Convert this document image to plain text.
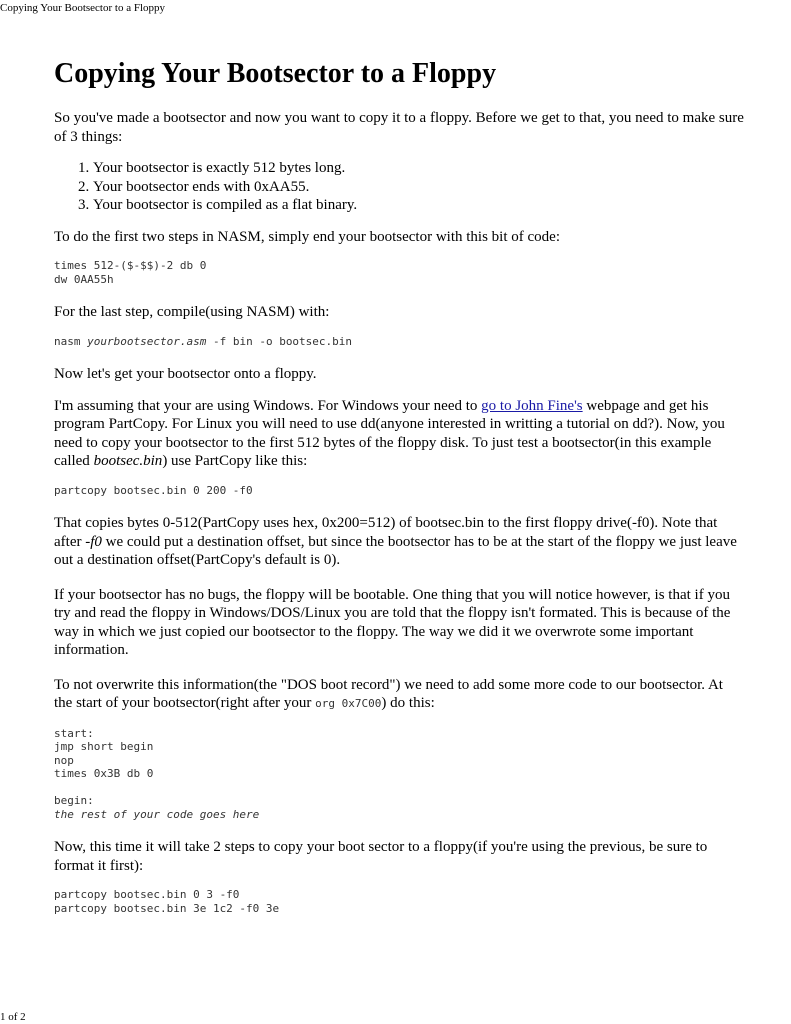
Copying Your Bootsector to a Floppy
Copying Your Bootsector to a Floppy

So you've made a bootsector and now you want to copy it to a floppy. Before we get to that, you need to make sure of 3 things:

1. Your bootsector is exactly 512 bytes long.
2. Your bootsector ends with 0xAA55.
3. Your bootsector is compiled as a flat binary.

To do the first two steps in NASM, simply end your bootsector with this bit of code:

times 512-($-$$)-2 db 0
dw 0AA55h

For the last step, compile(using NASM) with:

nasm yourbootsector.asm -f bin -o bootsec.bin

Now let's get your bootsector onto a floppy.

I'm assuming that your are using Windows. For Windows your need to go to John Fine's webpage and get his program PartCopy. For Linux you will need to use dd(anyone interested in writting a tutorial on dd?). Now, you need to copy your bootsector to the first 512 bytes of the floppy disk. To just test a bootsector(in this example called bootsec.bin) use PartCopy like this:

partcopy bootsec.bin 0 200 -f0

That copies bytes 0-512(PartCopy uses hex, 0x200=512) of bootsec.bin to the first floppy drive(-f0). Note that after -f0 we could put a destination offset, but since the bootsector has to be at the start of the floppy we just leave out a destination offset(PartCopy's default is 0).

If your bootsector has no bugs, the floppy will be bootable. One thing that you will notice however, is that if you try and read the floppy in Windows/DOS/Linux you are told that the floppy isn't formated. This is because of the way in which we just copied our bootsector to the floppy. The way we did it we overwrote some important information.

To not overwrite this information(the "DOS boot record") we need to add some more code to our bootsector. At the start of your bootsector(right after your org 0x7C00) do this:

start:
jmp short begin
nop
times 0x3B db 0

begin:
the rest of your code goes here

Now, this time it will take 2 steps to copy your boot sector to a floppy(if you're using the previous, be sure to format it first):

partcopy bootsec.bin 0 3 -f0
partcopy bootsec.bin 3e 1c2 -f0 3e
1 of 2
